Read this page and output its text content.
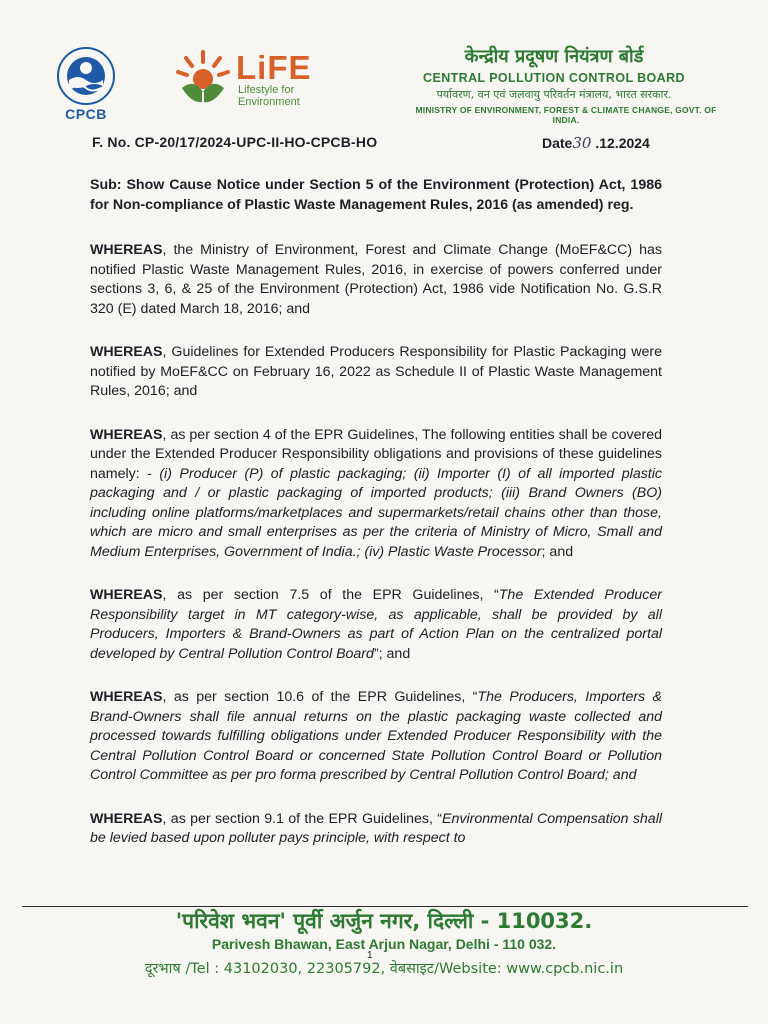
CPCB
LiFE
Lifestyle for
Environment
केन्द्रीय प्रदूषण नियंत्रण बोर्ड
CENTRAL POLLUTION CONTROL BOARD
पर्यावरण, वन एवं जलवायु परिवर्तन मंत्रालय, भारत सरकार.
MINISTRY OF ENVIRONMENT, FOREST & CLIMATE CHANGE, GOVT. OF INDIA.
F. No. CP-20/17/2024-UPC-II-HO-CPCB-HO	Date30 .12.2024

Sub: Show Cause Notice under Section 5 of the Environment (Protection) Act, 1986 for Non-compliance of Plastic Waste Management Rules, 2016 (as amended) reg.

WHEREAS, the Ministry of Environment, Forest and Climate Change (MoEF&CC) has notified Plastic Waste Management Rules, 2016, in exercise of powers conferred under sections 3, 6, & 25 of the Environment (Protection) Act, 1986 vide Notification No. G.S.R 320 (E) dated March 18, 2016; and

WHEREAS, Guidelines for Extended Producers Responsibility for Plastic Packaging were notified by MoEF&CC on February 16, 2022 as Schedule II of Plastic Waste Management Rules, 2016; and

WHEREAS, as per section 4 of the EPR Guidelines, The following entities shall be covered under the Extended Producer Responsibility obligations and provisions of these guidelines namely: - (i) Producer (P) of plastic packaging; (ii) Importer (I) of all imported plastic packaging and / or plastic packaging of imported products; (iii) Brand Owners (BO) including online platforms/marketplaces and supermarkets/retail chains other than those, which are micro and small enterprises as per the criteria of Ministry of Micro, Small and Medium Enterprises, Government of India.; (iv) Plastic Waste Processor; and

WHEREAS, as per section 7.5 of the EPR Guidelines, “The Extended Producer Responsibility target in MT category-wise, as applicable, shall be provided by all Producers, Importers & Brand-Owners as part of Action Plan on the centralized portal developed by Central Pollution Control Board”; and

WHEREAS, as per section 10.6 of the EPR Guidelines, “The Producers, Importers & Brand-Owners shall file annual returns on the plastic packaging waste collected and processed towards fulfilling obligations under Extended Producer Responsibility with the Central Pollution Control Board or concerned State Pollution Control Board or Pollution Control Committee as per pro forma prescribed by Central Pollution Control Board; and

WHEREAS, as per section 9.1 of the EPR Guidelines, “Environmental Compensation shall be levied based upon polluter pays principle, with respect to

'परिवेश भवन' पूर्वी अर्जुन नगर, दिल्ली - 110032.
Parivesh Bhawan, East Arjun Nagar, Delhi - 110 032.
दूरभाष /Tel : 43102030, 22305792, वेबसाइट/Website: www.cpcb.nic.in
1
